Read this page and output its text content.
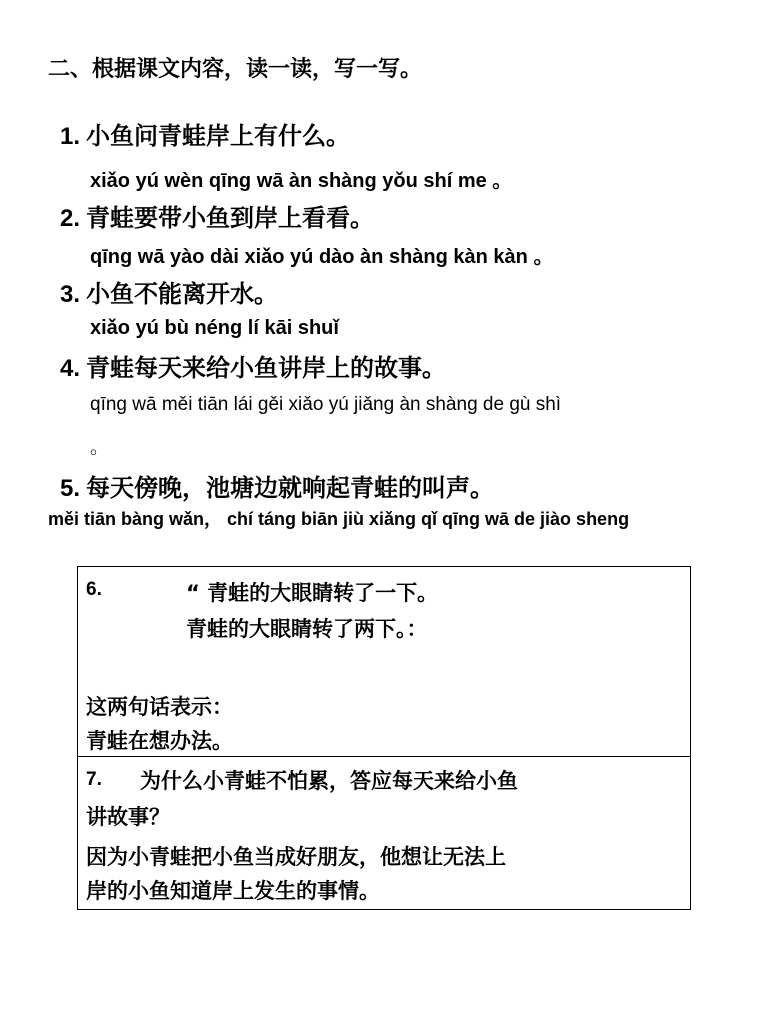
二、根据课文内容，读一读，写一写。
1. 小鱼问青蛙岸上有什么。
xiǎo yú wèn qīng wā àn shàng yǒu shí me 。
2. 青蛙要带小鱼到岸上看看。
qīng wā yào dài xiǎo yú dào àn shàng kàn kàn 。
3. 小鱼不能离开水。
xiǎo yú bù néng lí kāi shuǐ
4. 青蛙每天来给小鱼讲岸上的故事。
qīng wā měi tiān lái gěi xiǎo yú jiǎng àn shàng de gù shì
。
5. 每天傍晚，池塘边就响起青蛙的叫声。
měi tiān bàng wǎn， chí táng biān jiù xiǎng qǐ qīng wā de jiào sheng
6.	“ 青蛙的大眼睛转了一下。
青蛙的大眼睛转了两下。：
这两句话表示：
青蛙在想办法。
7. 为什么小青蛙不怕累，答应每天来给小鱼
讲故事？
因为小青蛙把小鱼当成好朋友，他想让无法上
岸的小鱼知道岸上发生的事情。
